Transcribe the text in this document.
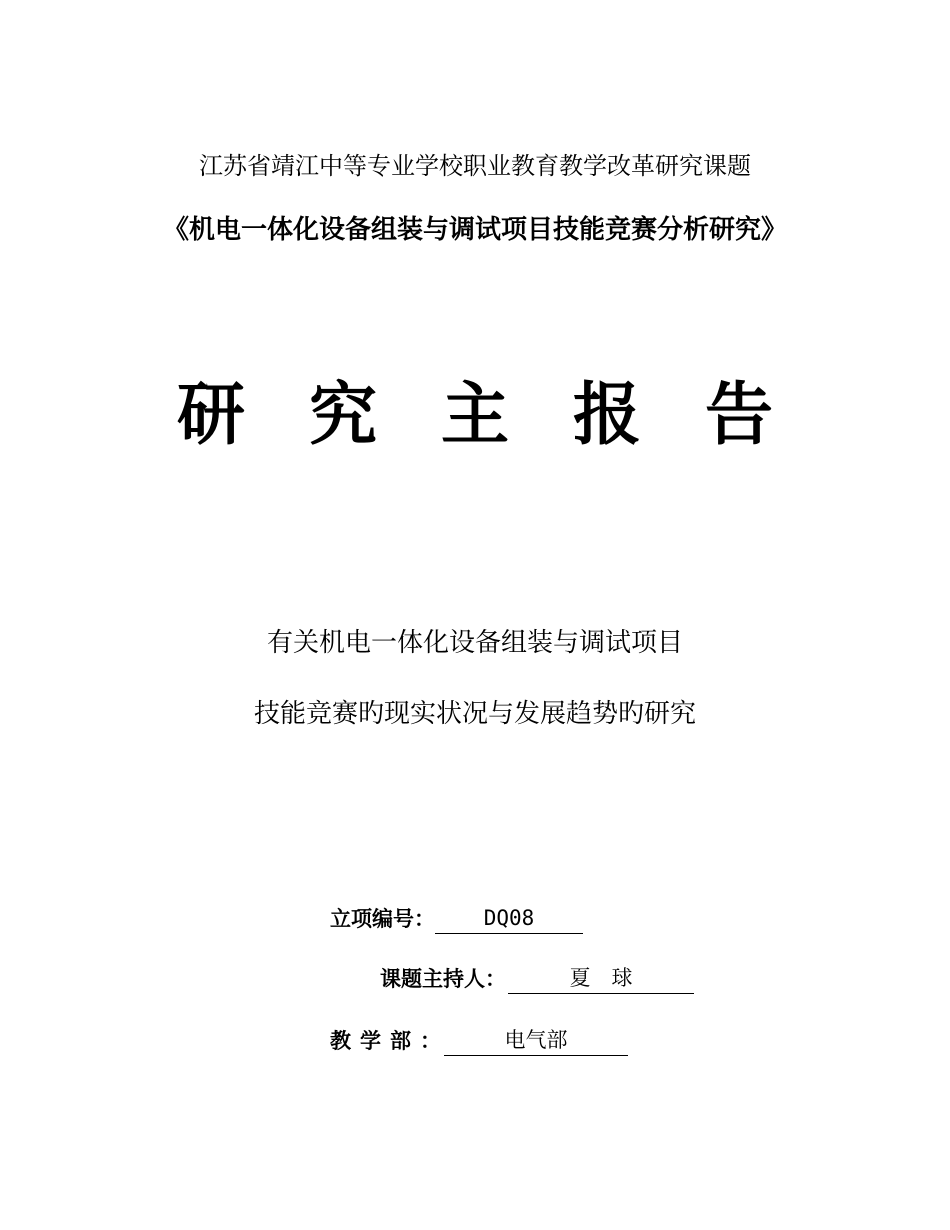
江苏省靖江中等专业学校职业教育教学改革研究课题
《机电一体化设备组装与调试项目技能竞赛分析研究》
研 究 主 报 告
有关机电一体化设备组装与调试项目
技能竞赛旳现实状况与发展趋势旳研究
立项编号：	DQ08
课题主持人：	夏　球
教学部：	电气部
